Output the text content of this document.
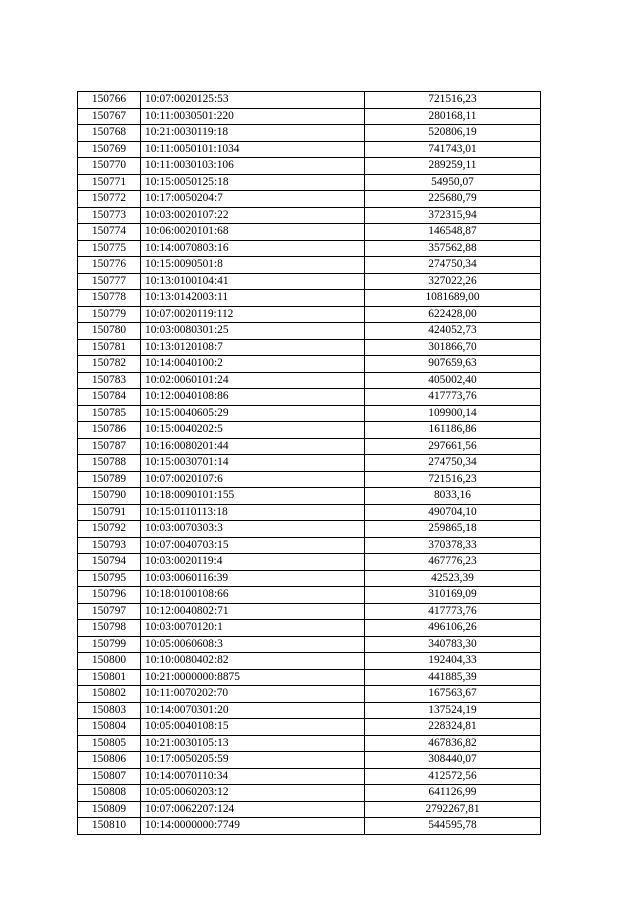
150766	10:07:0020125:53	721516,23
150767	10:11:0030501:220	280168,11
150768	10:21:0030119:18	520806,19
150769	10:11:0050101:1034	741743,01
150770	10:11:0030103:106	289259,11
150771	10:15:0050125:18	54950,07
150772	10:17:0050204:7	225680,79
150773	10:03:0020107:22	372315,94
150774	10:06:0020101:68	146548,87
150775	10:14:0070803:16	357562,88
150776	10:15:0090501:8	274750,34
150777	10:13:0100104:41	327022,26
150778	10:13:0142003:11	1081689,00
150779	10:07:0020119:112	622428,00
150780	10:03:0080301:25	424052,73
150781	10:13:0120108:7	301866,70
150782	10:14:0040100:2	907659,63
150783	10:02:0060101:24	405002,40
150784	10:12:0040108:86	417773,76
150785	10:15:0040605:29	109900,14
150786	10:15:0040202:5	161186,86
150787	10:16:0080201:44	297661,56
150788	10:15:0030701:14	274750,34
150789	10:07:0020107:6	721516,23
150790	10:18:0090101:155	8033,16
150791	10:15:0110113:18	490704,10
150792	10:03:0070303:3	259865,18
150793	10:07:0040703:15	370378,33
150794	10:03:0020119:4	467776,23
150795	10:03:0060116:39	42523,39
150796	10:18:0100108:66	310169,09
150797	10:12:0040802:71	417773,76
150798	10:03:0070120:1	496106,26
150799	10:05:0060608:3	340783,30
150800	10:10:0080402:82	192404,33
150801	10:21:0000000:8875	441885,39
150802	10:11:0070202:70	167563,67
150803	10:14:0070301:20	137524,19
150804	10:05:0040108:15	228324,81
150805	10:21:0030105:13	467836,82
150806	10:17:0050205:59	308440,07
150807	10:14:0070110:34	412572,56
150808	10:05:0060203:12	641126,99
150809	10:07:0062207:124	2792267,81
150810	10:14:0000000:7749	544595,78
